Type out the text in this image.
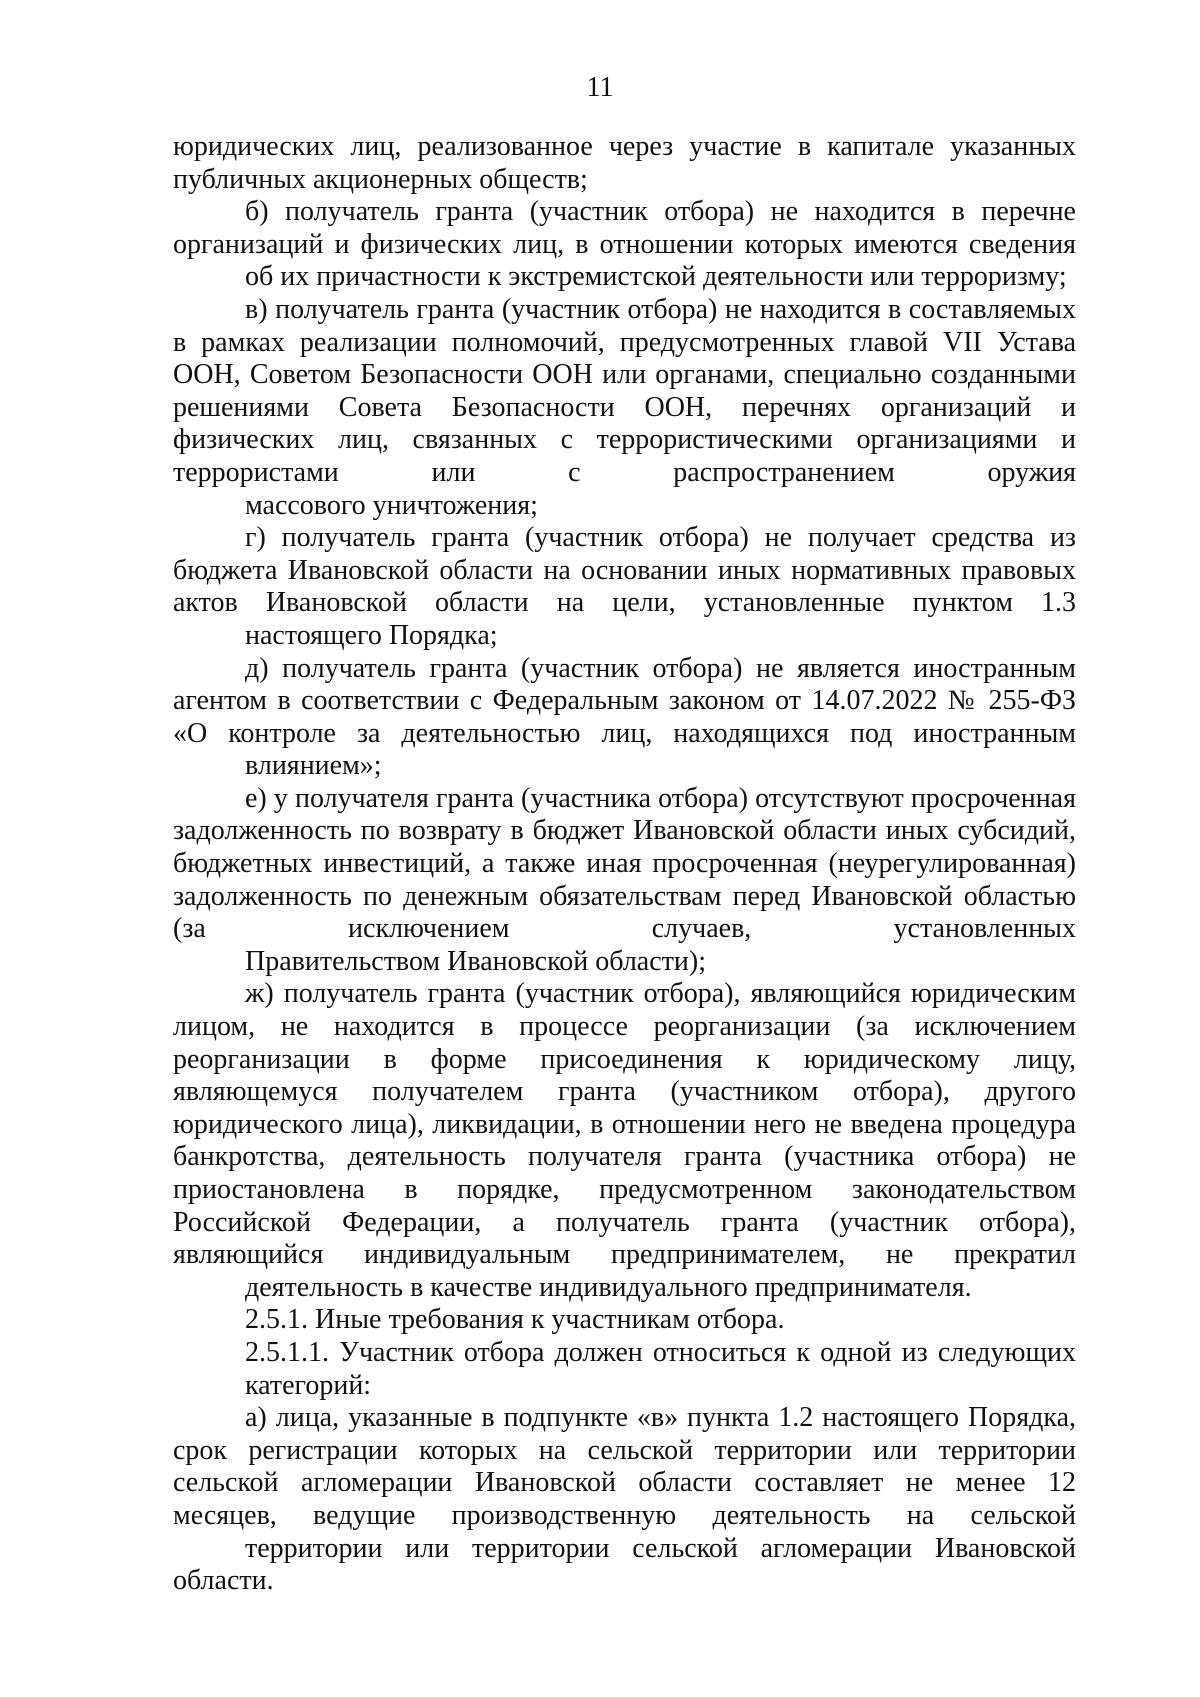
11
юридических лиц, реализованное через участие в капитале указанных
публичных акционерных обществ;
б) получатель гранта (участник отбора) не находится в перечне организаций и физических лиц, в отношении которых имеются сведения
об их причастности к экстремистской деятельности или терроризму;
в) получатель гранта (участник отбора) не находится в составляемых в рамках реализации полномочий, предусмотренных главой VII Устава ООН, Советом Безопасности ООН или органами, специально созданными решениями Совета Безопасности ООН, перечнях организаций и физических лиц, связанных с террористическими организациями и террористами или с распространением оружия
массового уничтожения;
г) получатель гранта (участник отбора) не получает средства из бюджета Ивановской области на основании иных нормативных правовых актов Ивановской области на цели, установленные пунктом 1.3
настоящего Порядка;
д) получатель гранта (участник отбора) не является иностранным агентом в соответствии с Федеральным законом от 14.07.2022 № 255-ФЗ «О контроле за деятельностью лиц, находящихся под иностранным
влиянием»;
е) у получателя гранта (участника отбора) отсутствуют просроченная задолженность по возврату в бюджет Ивановской области иных субсидий, бюджетных инвестиций, а также иная просроченная (неурегулированная) задолженность по денежным обязательствам перед Ивановской областью (за исключением случаев, установленных
Правительством Ивановской области);
ж) получатель гранта (участник отбора), являющийся юридическим лицом, не находится в процессе реорганизации (за исключением реорганизации в форме присоединения к юридическому лицу, являющемуся получателем гранта (участником отбора), другого юридического лица), ликвидации, в отношении него не введена процедура банкротства, деятельность получателя гранта (участника отбора) не приостановлена в порядке, предусмотренном законодательством Российской Федерации, а получатель гранта (участник отбора), являющийся индивидуальным предпринимателем, не прекратил
деятельность в качестве индивидуального предпринимателя.
2.5.1. Иные требования к участникам отбора.
2.5.1.1. Участник отбора должен относиться к одной из следующих
категорий:
а) лица, указанные в подпункте «в» пункта 1.2 настоящего Порядка, срок регистрации которых на сельской территории или территории сельской агломерации Ивановской области составляет не менее 12 месяцев, ведущие производственную деятельность на сельской
территории или территории сельской агломерации Ивановской области.
